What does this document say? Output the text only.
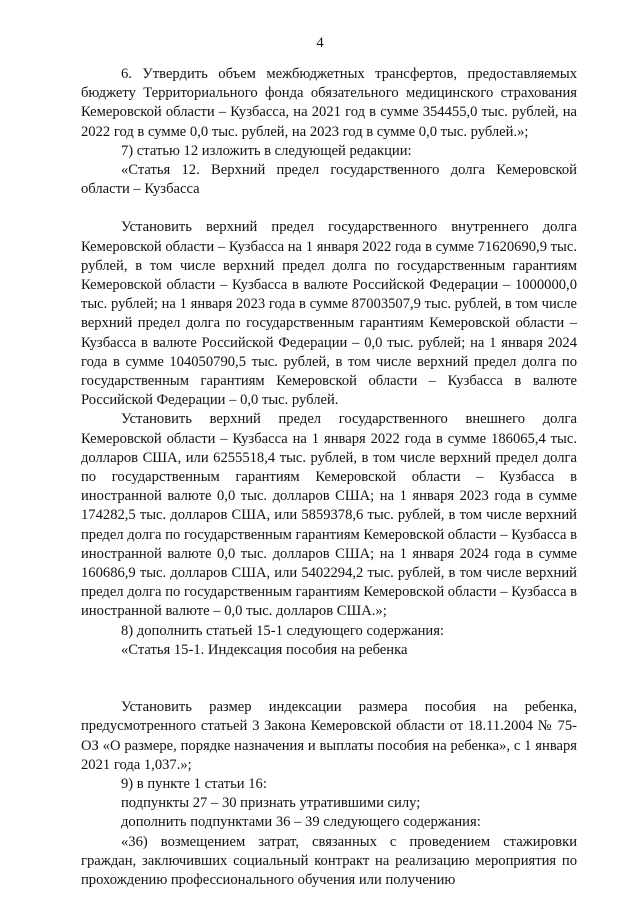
4

6. Утвердить объем межбюджетных трансфертов, предоставляемых бюджету Территориального фонда обязательного медицинского страхования Кемеровской области – Кузбасса, на 2021 год в сумме 354455,0 тыс. рублей, на 2022 год в сумме 0,0 тыс. рублей, на 2023 год в сумме 0,0 тыс. рублей.»;

7) статью 12 изложить в следующей редакции:

«Статья 12. Верхний предел государственного долга Кемеровской области – Кузбасса

Установить верхний предел государственного внутреннего долга Кемеровской области – Кузбасса на 1 января 2022 года в сумме 71620690,9 тыс. рублей, в том числе верхний предел долга по государственным гарантиям Кемеровской области – Кузбасса в валюте Российской Федерации – 1000000,0 тыс. рублей; на 1 января 2023 года в сумме 87003507,9 тыс. рублей, в том числе верхний предел долга по государственным гарантиям Кемеровской области – Кузбасса в валюте Российской Федерации – 0,0 тыс. рублей; на 1 января 2024 года в сумме 104050790,5 тыс. рублей, в том числе верхний предел долга по государственным гарантиям Кемеровской области – Кузбасса в валюте Российской Федерации – 0,0 тыс. рублей.

Установить верхний предел государственного внешнего долга Кемеровской области – Кузбасса на 1 января 2022 года в сумме 186065,4 тыс. долларов США, или 6255518,4 тыс. рублей, в том числе верхний предел долга по государственным гарантиям Кемеровской области – Кузбасса в иностранной валюте 0,0 тыс. долларов США; на 1 января 2023 года в сумме 174282,5 тыс. долларов США, или 5859378,6 тыс. рублей, в том числе верхний предел долга по государственным гарантиям Кемеровской области – Кузбасса в иностранной валюте 0,0 тыс. долларов США; на 1 января 2024 года в сумме 160686,9 тыс. долларов США, или 5402294,2 тыс. рублей, в том числе верхний предел долга по государственным гарантиям Кемеровской области – Кузбасса в иностранной валюте – 0,0 тыс. долларов США.»;

8) дополнить статьей 15-1 следующего содержания:

«Статья 15-1. Индексация пособия на ребенка

Установить размер индексации размера пособия на ребенка, предусмотренного статьей 3 Закона Кемеровской области от 18.11.2004 № 75-ОЗ «О размере, порядке назначения и выплаты пособия на ребенка», с 1 января 2021 года 1,037.»;

9) в пункте 1 статьи 16:

подпункты 27 – 30 признать утратившими силу;

дополнить подпунктами 36 – 39 следующего содержания:

«36) возмещением затрат, связанных с проведением стажировки граждан, заключивших социальный контракт на реализацию мероприятия по прохождению профессионального обучения или получению
